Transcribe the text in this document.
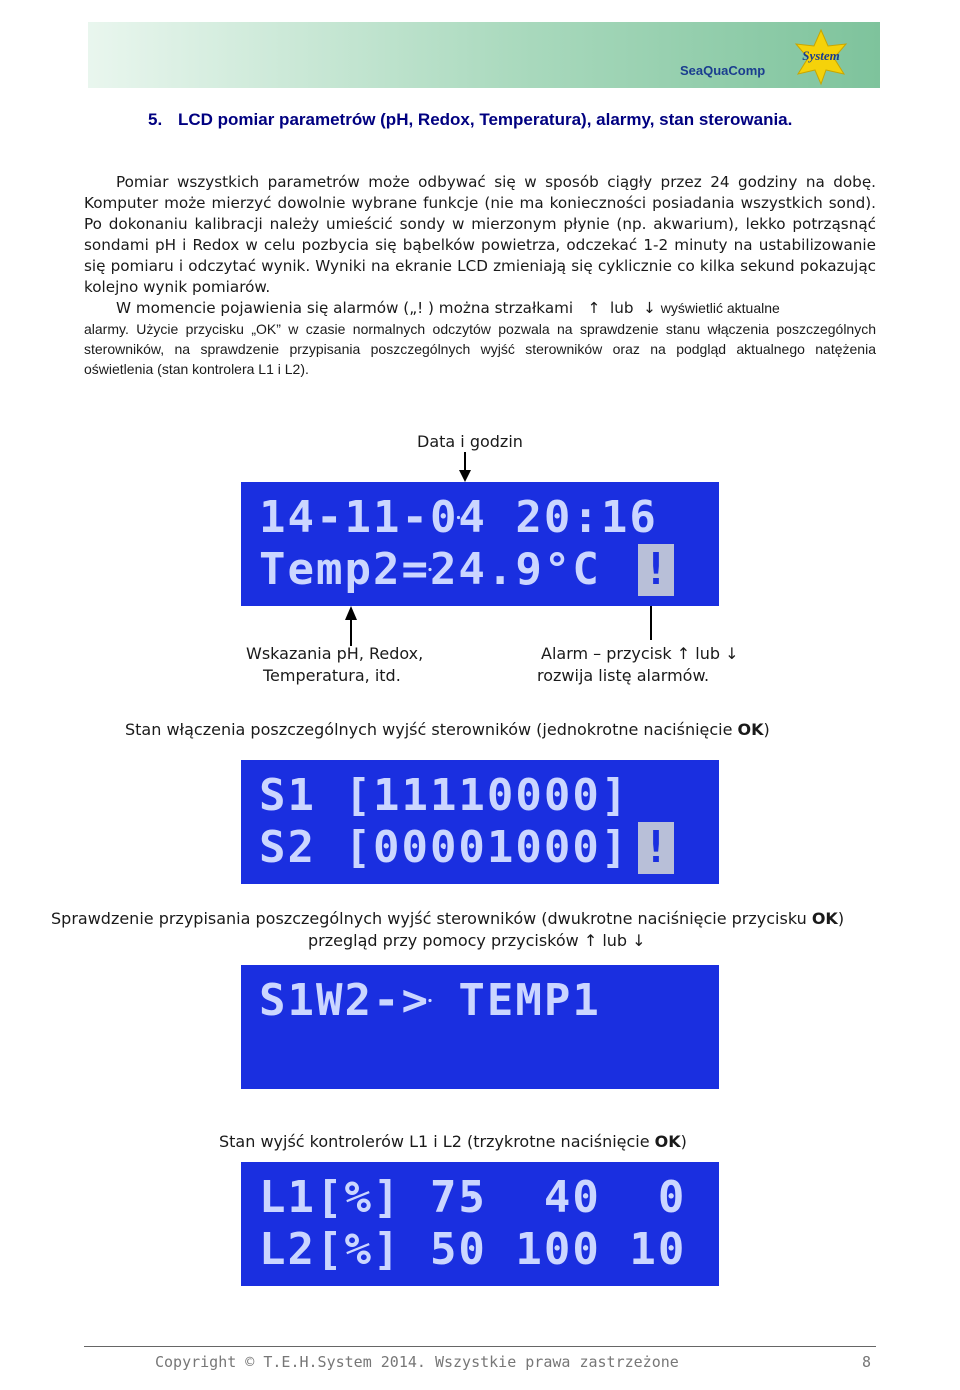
SeaQuaComp
System
5. LCD pomiar parametrów (pH, Redox, Temperatura), alarmy, stan sterowania.

Pomiar wszystkich parametrów może odbywać się w sposób ciągły przez 24 godziny na dobę. Komputer może mierzyć dowolnie wybrane funkcje (nie ma konieczności posiadania wszystkich sond). Po dokonaniu kalibracji należy umieścić sondy w mierzonym płynie (np. akwarium), lekko potrząsnąć sondami pH i Redox w celu pozbycia się bąbelków powietrza, odczekać 1-2 minuty na ustabilizowanie się pomiaru i odczytać wynik. Wyniki na ekranie LCD zmieniają się cyklicznie co kilka sekund pokazując kolejno wynik pomiarów.

W momencie pojawienia się alarmów („! ) można strzałkami   ↑  lub  ↓ wyświetlić aktualne

alarmy. Użycie przycisku „OK” w czasie normalnych odczytów pozwala na sprawdzenie stanu włączenia poszczególnych sterowników, na sprawdzenie przypisania poszczególnych wyjść sterowników oraz na podgląd aktualnego natężenia oświetlenia (stan kontrolera L1 i L2).

Data i godzin
14-11-04 20:16
Temp2=24.9°C !
Wskazania pH, Redox,
Temperatura, itd.
Alarm – przycisk ↑ lub ↓
rozwija listę alarmów.
Stan włączenia poszczególnych wyjść sterowników (jednokrotne naciśnięcie OK)
S1 [11110000]
S2 [00001000] !
Sprawdzenie przypisania poszczególnych wyjść sterowników (dwukrotne naciśnięcie przycisku OK)
przegląd przy pomocy przycisków ↑ lub ↓
S1W2-> TEMP1
Stan wyjść kontrolerów L1 i L2 (trzykrotne naciśnięcie OK)
L1[%] 75  40  0
L2[%] 50 100 10
Copyright © T.E.H.System 2014. Wszystkie prawa zastrzeżone	8
